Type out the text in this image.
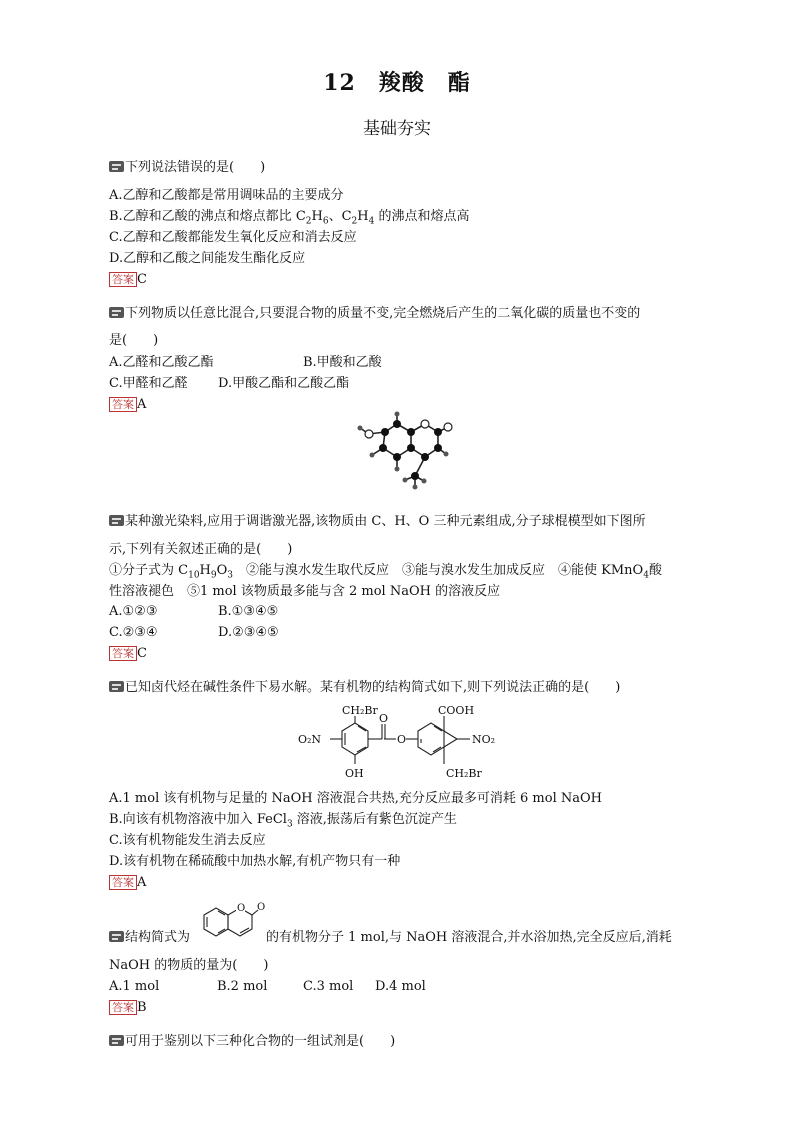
12　羧酸　酯
基础夯实
下列说法错误的是(　　)
A.乙醇和乙酸都是常用调味品的主要成分
B.乙醇和乙酸的沸点和熔点都比 $C_2H_6$、$C_2H_4$ 的沸点和熔点高
C.乙醇和乙酸都能发生氧化反应和消去反应
D.乙醇和乙酸之间能发生酯化反应
答案 C
下列物质以任意比混合,只要混合物的质量不变,完全燃烧后产生的二氧化碳的质量也不变的
是(　　)
A.乙醛和乙酸乙酯	B.甲酸和乙酸
C.甲醛和乙醛 D.甲酸乙酯和乙酸乙酯
答案 A
某种激光染料,应用于调谐激光器,该物质由 C、H、O 三种元素组成,分子球棍模型如下图所
示,下列有关叙述正确的是(　　)
①分子式为 $C_{10}H_9O_3$　②能与溴水发生取代反应　③能与溴水发生加成反应　④能使 KMnO$_4$酸
性溶液褪色　⑤1 mol 该物质最多能与含 2 mol NaOH 的溶液反应
A.①②③	B.①③④⑤
C.②③④	D.②③④⑤
答案 C
已知卤代烃在碱性条件下易水解。某有机物的结构简式如下,则下列说法正确的是(　　)
CH₂Br	COOH
O₂N	NO₂
OH	CH₂Br
O
O
A.1 mol 该有机物与足量的 NaOH 溶液混合共热,充分反应最多可消耗 6 mol NaOH
B.向该有机物溶液中加入 FeCl$_3$ 溶液,振荡后有紫色沉淀产生
C.该有机物能发生消去反应
D.该有机物在稀硫酸中加热水解,有机产物只有一种
答案 A
O O
结构简式为	的有机物分子 1 mol,与 NaOH 溶液混合,并水浴加热,完全反应后,消耗
NaOH 的物质的量为(　　)
A.1 mol	B.2 mol	C.3 mol D.4 mol
答案 B
可用于鉴别以下三种化合物的一组试剂是(　　)
